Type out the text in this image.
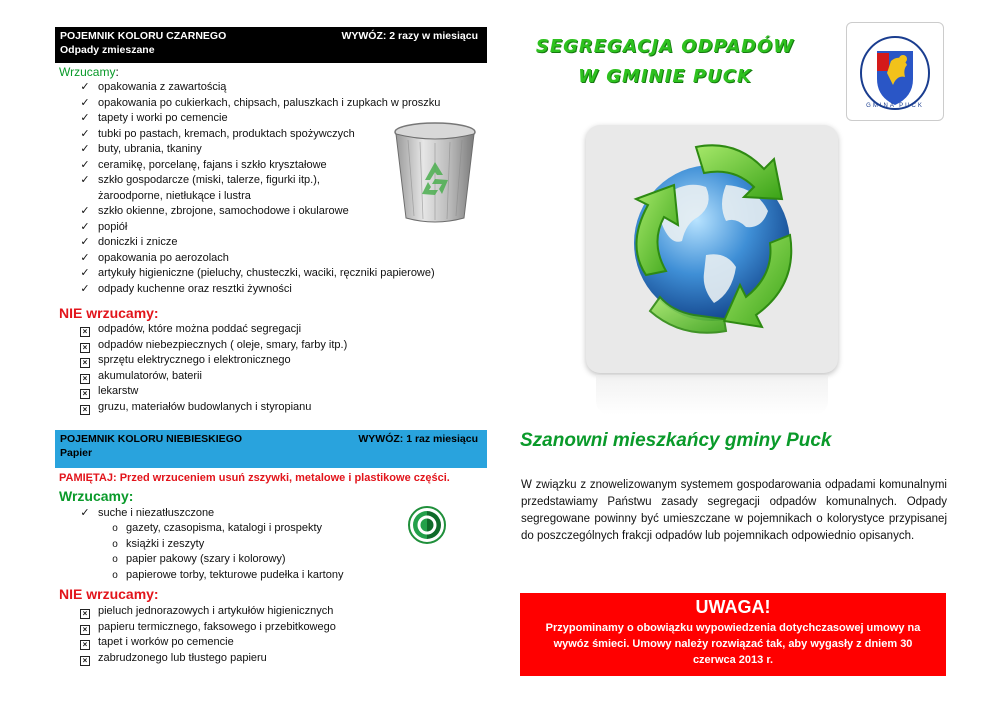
POJEMNIK KOLORU CZARNEGO	WYWÓZ: 2 razy w miesiącu
Odpady zmieszane
Wrzucamy:
✓ opakowania z zawartością
✓ opakowania po cukierkach, chipsach, paluszkach i zupkach w proszku
✓ tapety i worki po cemencie
✓ tubki po pastach, kremach, produktach spożywczych
✓ buty, ubrania, tkaniny
✓ ceramikę, porcelanę, fajans i szkło kryształowe
✓ szkło gospodarcze (miski, talerze, figurki itp.),
żaroodporne, nietłukące i lustra
✓ szkło okienne, zbrojone, samochodowe i okularowe
✓ popiół
✓ doniczki i znicze
✓ opakowania po aerozolach
✓ artykuły higieniczne (pieluchy, chusteczki, waciki, ręczniki papierowe)
✓ odpady kuchenne oraz resztki żywności
NIE wrzucamy:
× odpadów, które można poddać segregacji
× odpadów niebezpiecznych ( oleje, smary, farby itp.)
× sprzętu elektrycznego i elektronicznego
× akumulatorów, baterii
× lekarstw
× gruzu, materiałów budowlanych i styropianu
POJEMNIK KOLORU NIEBIESKIEGO	WYWÓZ: 1 raz miesiącu
Papier
PAMIĘTAJ: Przed wrzuceniem usuń zszywki, metalowe i plastikowe części.
Wrzucamy:
✓ suche i niezatłuszczone
o gazety, czasopisma, katalogi i prospekty
o książki i zeszyty
o papier pakowy (szary i kolorowy)
o papierowe torby, tekturowe pudełka i kartony
NIE wrzucamy:
× pieluch jednorazowych i artykułów higienicznych
× papieru termicznego, faksowego i przebitkowego
× tapet i worków po cemencie
× zabrudzonego lub tłustego papieru
SEGREGACJA ODPADÓW
W GMINIE PUCK
GMINA PUCK
Szanowni mieszkańcy gminy Puck
W związku z znowelizowanym systemem gospodarowania odpadami komunalnymi przedstawiamy Państwu zasady segregacji odpadów komunalnych. Odpady segregowane powinny być umieszczane w pojemnikach o kolorystyce przypisanej do poszczególnych frakcji odpadów lub pojemnikach odpowiednio opisanych.
UWAGA!
Przypominamy o obowiązku wypowiedzenia dotychczasowej umowy na wywóz śmieci. Umowy należy rozwiązać tak, aby wygasły z dniem 30 czerwca 2013 r.
